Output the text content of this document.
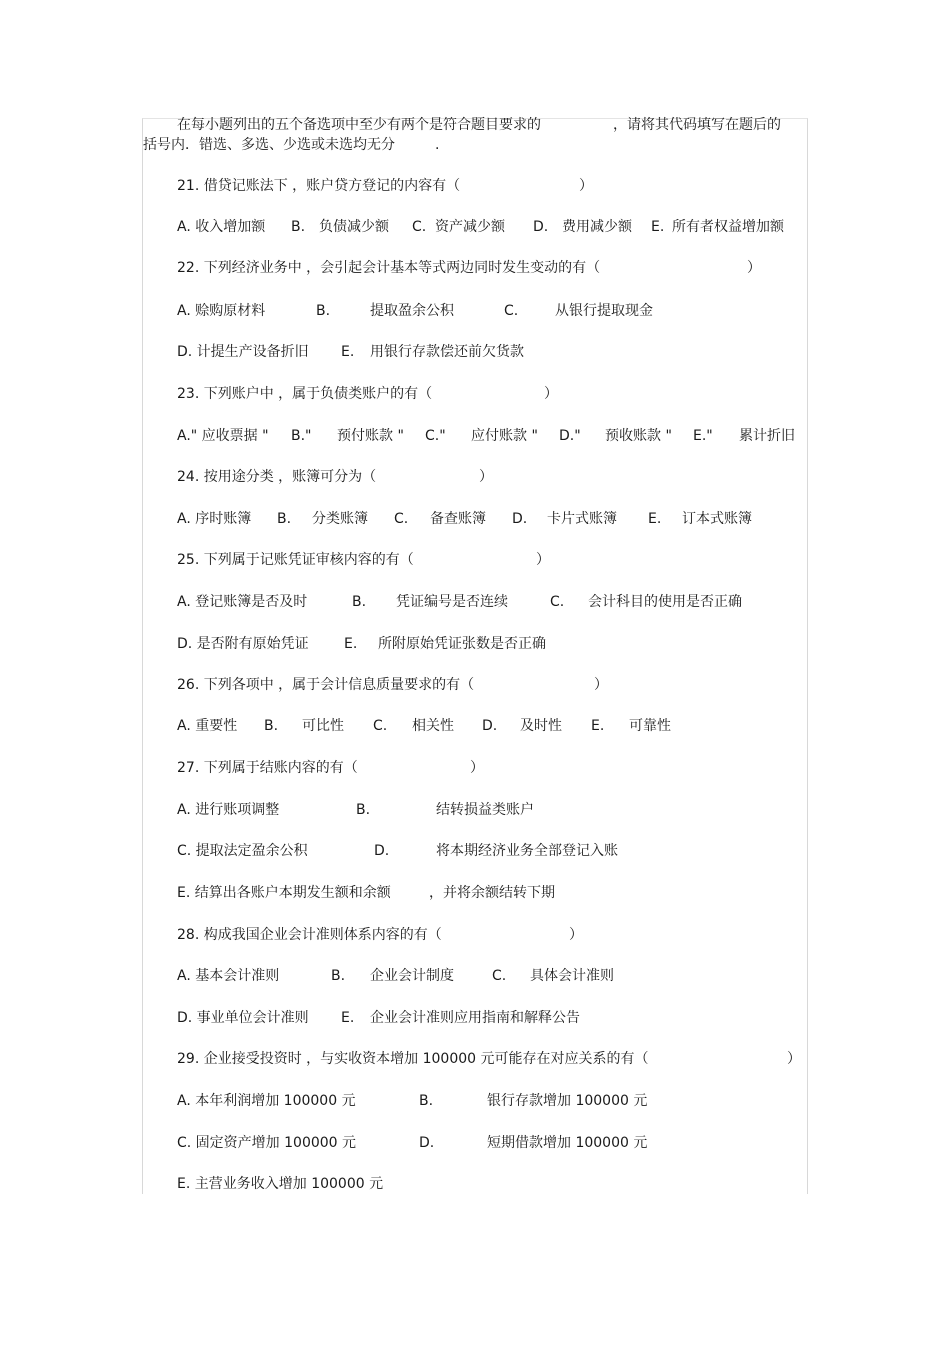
在每小题列出的五个备选项中至少有两个是符合题目要求的	，请将其代码填写在题后的
括号内．错选、多选、少选或未选均无分	.
21. 借贷记账法下 ，账户贷方登记的内容有（	）
A. 收入增加额 B. 负债减少额 C. 资产减少额 D. 费用减少额 E. 所有者权益增加额
22. 下列经济业务中 ，会引起会计基本等式两边同时发生变动的有（	）
A. 赊购原材料	B.	提取盈余公积	C.	从银行提取现金
D. 计提生产设备折旧 E. 用银行存款偿还前欠货款
23. 下列账户中 ，属于负债类账户的有（	）
A." 应收票据 " B." 预付账款 " C." 应付账款 " D." 预收账款 " E." 累计折旧
24. 按用途分类 ，账簿可分为（	）
A. 序时账簿 B. 分类账簿 C. 备查账簿 D. 卡片式账簿 E. 订本式账簿
25. 下列属于记账凭证审核内容的有（	）
A. 登记账簿是否及时	B. 凭证编号是否连续	C. 会计科目的使用是否正确
D. 是否附有原始凭证	E. 所附原始凭证张数是否正确
26. 下列各项中 ，属于会计信息质量要求的有（	）
A. 重要性 B. 可比性 C. 相关性 D. 及时性 E. 可靠性
27. 下列属于结账内容的有（	）
A. 进行账项调整	B.	结转损益类账户
C. 提取法定盈余公积	D.	将本期经济业务全部登记入账
E. 结算出各账户本期发生额和余额	，并将余额结转下期
28. 构成我国企业会计准则体系内容的有（	）
A. 基本会计准则	B. 企业会计制度	C. 具体会计准则
D. 事业单位会计准则 E. 企业会计准则应用指南和解释公告
29. 企业接受投资时 ，与实收资本增加 100000 元可能存在对应关系的有（	）
A. 本年利润增加 100000 元	B.	银行存款增加 100000 元
C. 固定资产增加 100000 元	D.	短期借款增加 100000 元
E. 主营业务收入增加 100000 元
